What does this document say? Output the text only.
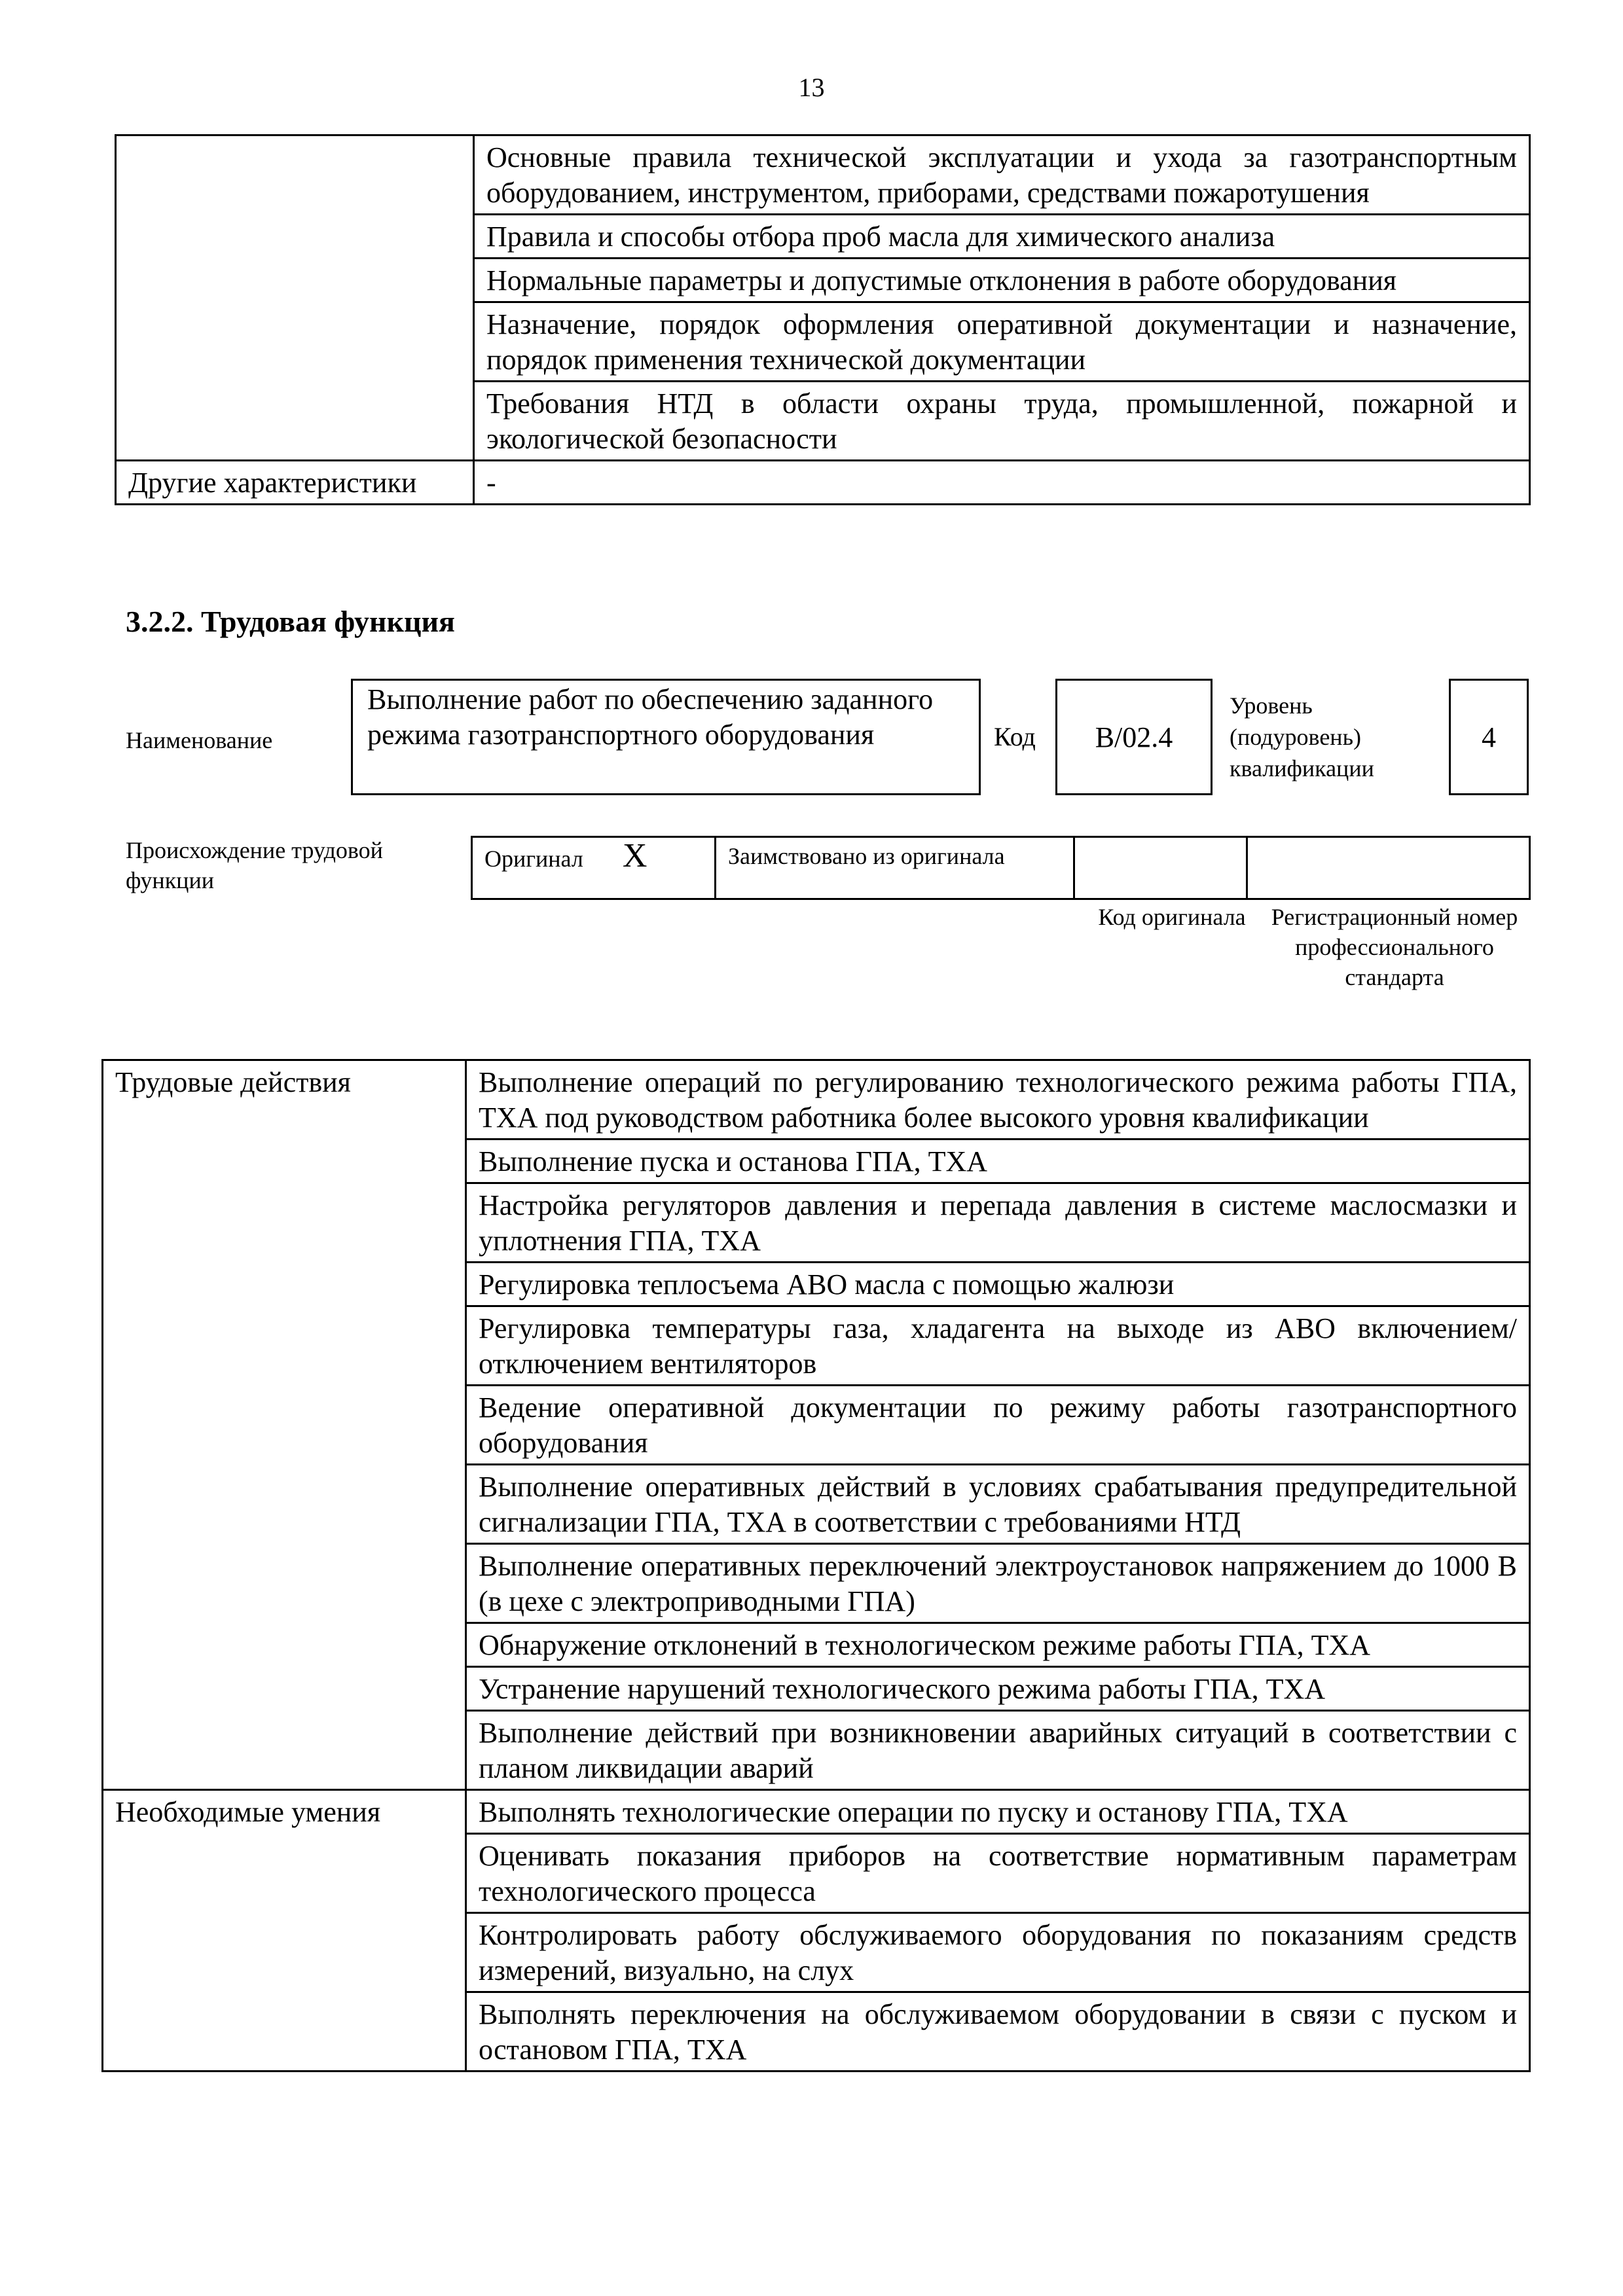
13
	Основные правила технической эксплуатации и ухода за газотранспортным оборудованием, инструментом, приборами, средствами пожаротушения
	Правила и способы отбора проб масла для химического анализа
	Нормальные параметры и допустимые отклонения в работе оборудования
	Назначение, порядок оформления оперативной документации и назначение, порядок применения технической документации
	Требования НТД в области охраны труда, промышленной, пожарной и экологической безопасности
Другие характеристики	-
3.2.2. Трудовая функция
Наименование
Выполнение работ по обеспечению заданного режима газотранспортного оборудования	Код В/02.4
Уровень
(подуровень)
квалификации
4
Происхождение трудовой функции
Оригинал Х	Заимствовано из оригинала		
Код оригинала	Регистрационный номер профессионального стандарта
Трудовые действия	Выполнение операций по регулированию технологического режима работы ГПА, ТХА под руководством работника более высокого уровня квалификации
	Выполнение пуска и останова ГПА, ТХА
	Настройка регуляторов давления и перепада давления в системе маслосмазки и уплотнения ГПА, ТХА
	Регулировка теплосъема АВО масла с помощью жалюзи
	Регулировка температуры газа, хладагента на выходе из АВО включением/отключением вентиляторов
	Ведение оперативной документации по режиму работы газотранспортного оборудования
	Выполнение оперативных действий в условиях срабатывания предупредительной сигнализации ГПА, ТХА в соответствии с требованиями НТД
	Выполнение оперативных переключений электроустановок напряжением до 1000 В (в цехе с электроприводными ГПА)
	Обнаружение отклонений в технологическом режиме работы ГПА, ТХА
	Устранение нарушений технологического режима работы ГПА, ТХА
	Выполнение действий при возникновении аварийных ситуаций в соответствии с планом ликвидации аварий
Необходимые умения	Выполнять технологические операции по пуску и останову ГПА, ТХА
	Оценивать показания приборов на соответствие нормативным параметрам технологического процесса
	Контролировать работу обслуживаемого оборудования по показаниям средств измерений, визуально, на слух
	Выполнять переключения на обслуживаемом оборудовании в связи с пуском и остановом ГПА, ТХА
